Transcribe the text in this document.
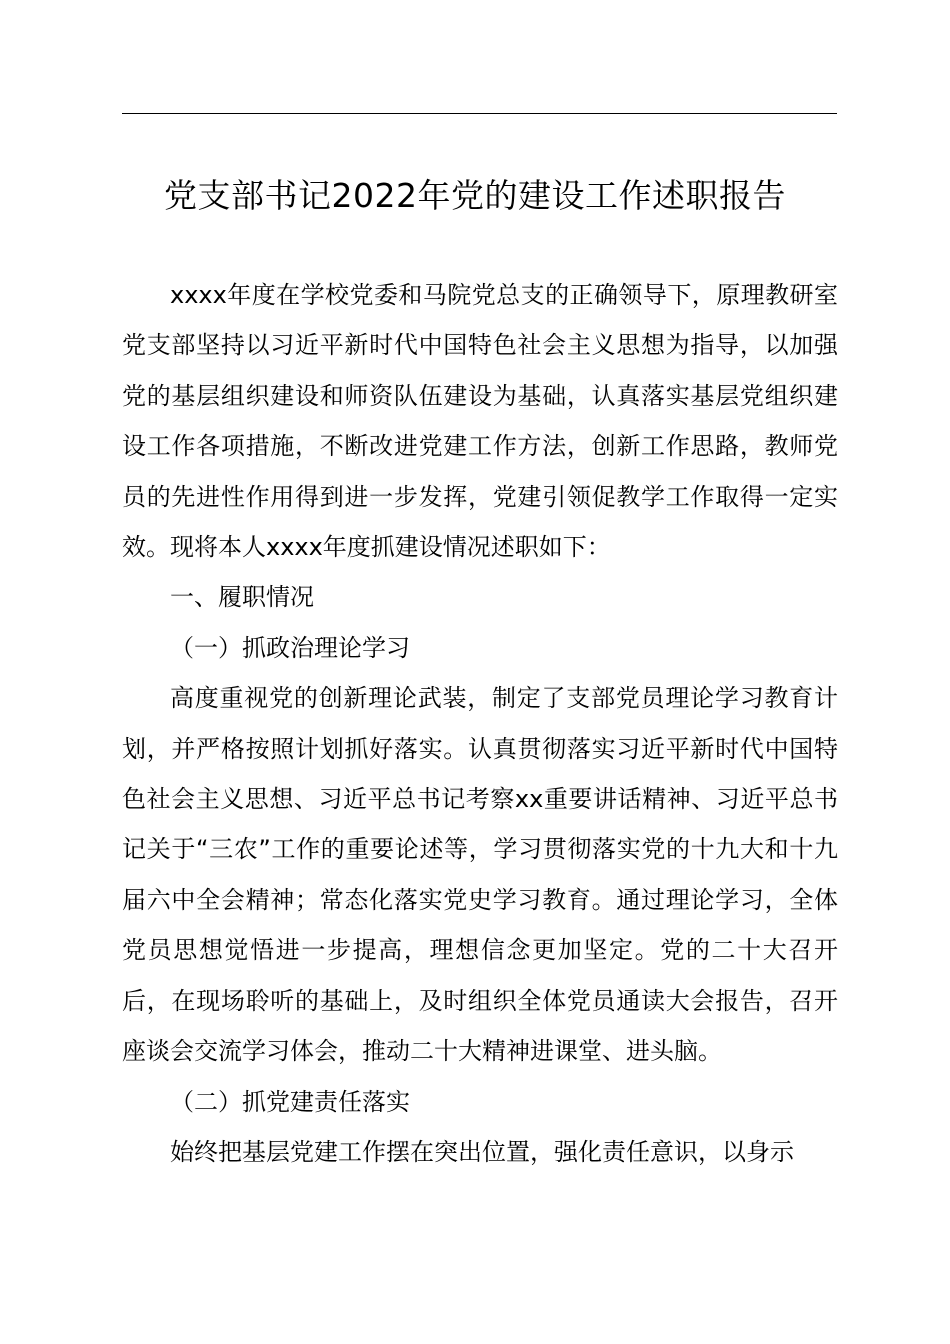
党支部书记2022年党的建设工作述职报告

xxxx年度在学校党委和马院党总支的正确领导下，原理教研室党支部坚持以习近平新时代中国特色社会主义思想为指导，以加强党的基层组织建设和师资队伍建设为基础，认真落实基层党组织建设工作各项措施，不断改进党建工作方法，创新工作思路，教师党员的先进性作用得到进一步发挥，党建引领促教学工作取得一定实效。现将本人xxxx年度抓建设情况述职如下：

一、履职情况

（一）抓政治理论学习

高度重视党的创新理论武装，制定了支部党员理论学习教育计划，并严格按照计划抓好落实。认真贯彻落实习近平新时代中国特色社会主义思想、习近平总书记考察xx重要讲话精神、习近平总书记关于“三农”工作的重要论述等，学习贯彻落实党的十九大和十九届六中全会精神；常态化落实党史学习教育。通过理论学习，全体党员思想觉悟进一步提高，理想信念更加坚定。党的二十大召开后，在现场聆听的基础上，及时组织全体党员通读大会报告，召开座谈会交流学习体会，推动二十大精神进课堂、进头脑。

（二）抓党建责任落实

始终把基层党建工作摆在突出位置，强化责任意识，以身示
